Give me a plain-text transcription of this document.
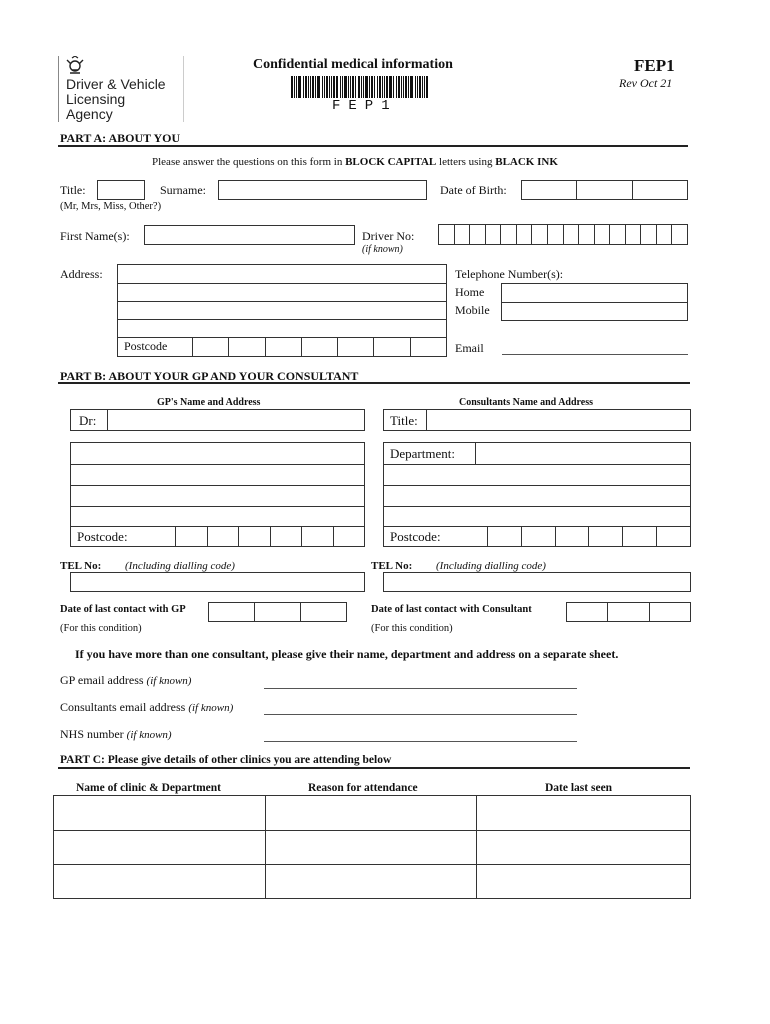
Driver & Vehicle
Licensing
Agency
Confidential medical information
FEP1
FEP1
Rev Oct 21
PART A: ABOUT YOU
Please answer the questions on this form in BLOCK CAPITAL letters using BLACK INK
Title:
(Mr, Mrs, Miss, Other?)
Surname:	Date of Birth:
First Name(s):	Driver No:
(if known)
Address:
Postcode
Telephone Number(s):
Home
Mobile
Email
PART B: ABOUT YOUR GP AND YOUR CONSULTANT
GP's Name and Address	Consultants Name and Address
Dr:	Title:
Postcode:
Department:
Postcode:
TEL No: (Including dialling code)	TEL No: (Including dialling code)
Date of last contact with GP
(For this condition)
Date of last contact with Consultant
(For this condition)
If you have more than one consultant, please give their name, department and address on a separate sheet.
GP email address (if known)
Consultants email address (if known)
NHS number (if known)
PART C: Please give details of other clinics you are attending below
Name of clinic & Department	Reason for attendance	Date last seen
